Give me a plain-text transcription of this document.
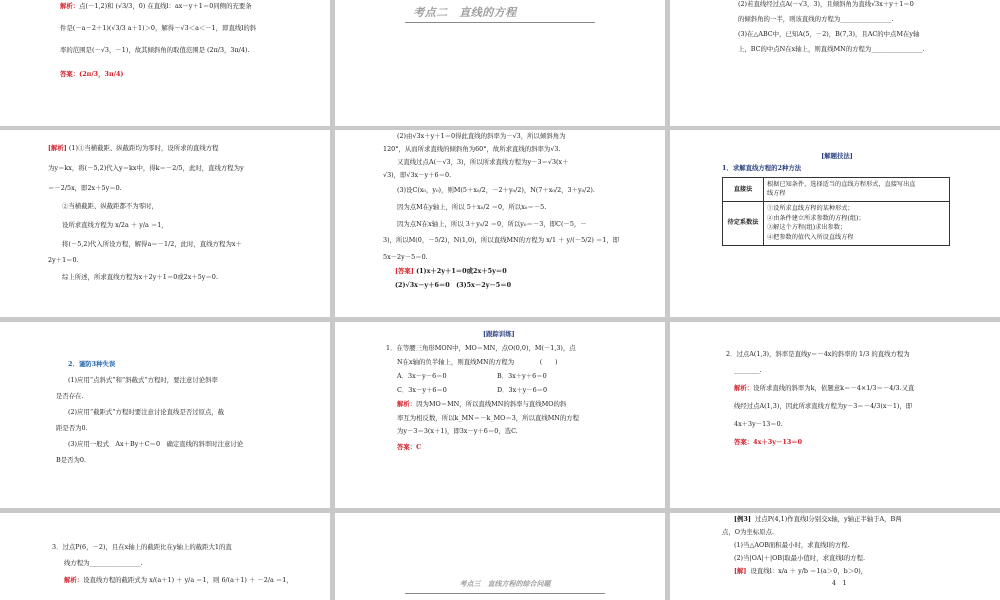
解析：点(－1,2)和 (√3/3，0) 在直线l：ax－y＋1＝0同侧的充要条

件是(－a－2＋1)(√3/3 a＋1)＞0，解得－√3＜a＜－1，即直线l的斜

率的范围是(－√3，－1)，故其倾斜角的取值范围是 (2π/3，3π/4).

答案：(2π/3，3π/4)

考点二　直线的方程

(2)若直线经过点A(－√3，3)，且倾斜角为直线√3x＋y＋1＝0

的倾斜角的一半，则该直线的方程为________________.

(3)在△ABC中，已知A(5，－2)，B(7,3)，且AC的中点M在y轴

上，BC的中点N在x轴上，则直线MN的方程为________________.

[解析] (1)①当横截距、纵截距均为零时，设所求的直线方程

为y＝kx，将(－5,2)代入y＝kx中，得k＝－2/5，此时，直线方程为y

＝－2/5x，即2x＋5y＝0.

②当横截距、纵截距都不为零时，

设所求直线方程为 x/2a ＋ y/a ＝1，

将(－5,2)代入所设方程，解得a＝－1/2，此时，直线方程为x＋

2y＋1＝0.

综上所述，所求直线方程为x＋2y＋1＝0或2x＋5y＝0.

(2)由√3x＋y＋1＝0得此直线的斜率为－√3，所以倾斜角为

120°，从而所求直线的倾斜角为60°，故所求直线的斜率为√3.

又直线过点A(－√3，3)，所以所求直线方程为y－3＝√3(x＋

√3)，即√3x－y＋6＝0.

(3)设C(x₀，y₀)，则M(5＋x₀/2，－2＋y₀/2)，N(7＋x₀/2，3＋y₀/2).

因为点M在y轴上，所以 5＋x₀/2 ＝0，所以x₀＝－5.

因为点N在x轴上，所以 3＋y₀/2 ＝0，所以y₀＝－3，即C(－5，－

3)，所以M(0，－5/2)，N(1,0)，所以直线MN的方程为 x/1 ＋ y/(－5/2) ＝1，即

5x－2y－5＝0.

[答案] (1)x＋2y＋1＝0或2x＋5y＝0

(2)√3x－y＋6＝0　(3)5x－2y－5＝0

[解题技法]

1．求解直线方程的2种方法

直接法	根据已知条件，选择适当的直线方程形式，直接写出直
线方程

待定系数法	①设所求直线方程的某种形式；
②由条件建立所求参数的方程(组)；
③解这个方程(组)求出参数；
④把参数的值代入所设直线方程

2．谨防3种失误

(1)应用“点斜式”和“斜截式”方程时，要注意讨论斜率

是否存在.

(2)应用“截距式”方程时要注意讨论直线是否过原点，截

距是否为0.

(3)应用一般式　Ax＋By＋C＝0　确定直线的斜率时注意讨论

B是否为0.

[跟踪训练]

1．在等腰三角形MON中，MO＝MN，点O(0,0)，M(－1,3)，点

N在x轴的负半轴上，则直线MN的方程为　　　　(　　)

A．3x－y－6＝0	B．3x＋y＋6＝0
C．3x－y＋6＝0	D．3x＋y－6＝0

解析：因为MO＝MN，所以直线MN的斜率与直线MO的斜

率互为相反数，所以k_MN＝－k_MO＝3，所以直线MN的方程

为y－3＝3(x＋1)，即3x－y＋6＝0，选C.

答案：C

2．过点A(1,3)，斜率是直线y＝－4x的斜率的 1/3 的直线方程为

________.

解析：设所求直线的斜率为k，依题意k＝－4×1/3＝－4/3.又直

线经过点A(1,3)，因此所求直线方程为y－3＝－4/3(x－1)，即

4x＋3y－13＝0.

答案：4x＋3y－13＝0

3．过点P(6，－2)，且在x轴上的截距比在y轴上的截距大1的直

线方程为________________.

解析：设直线方程的截距式为 x/(a＋1) ＋ y/a ＝1，则 6/(a＋1) ＋ －2/a ＝1，	考点三　直线方程的综合问题

[例3] 过点P(4,1)作直线l分别交x轴，y轴正半轴于A，B两

点，O为坐标原点.

(1)当△AOB面积最小时，求直线l的方程.

(2)当|OA|＋|OB|取最小值时，求直线l的方程.

[解] 设直线l：x/a ＋ y/b ＝1(a＞0，b＞0)，

4　1
